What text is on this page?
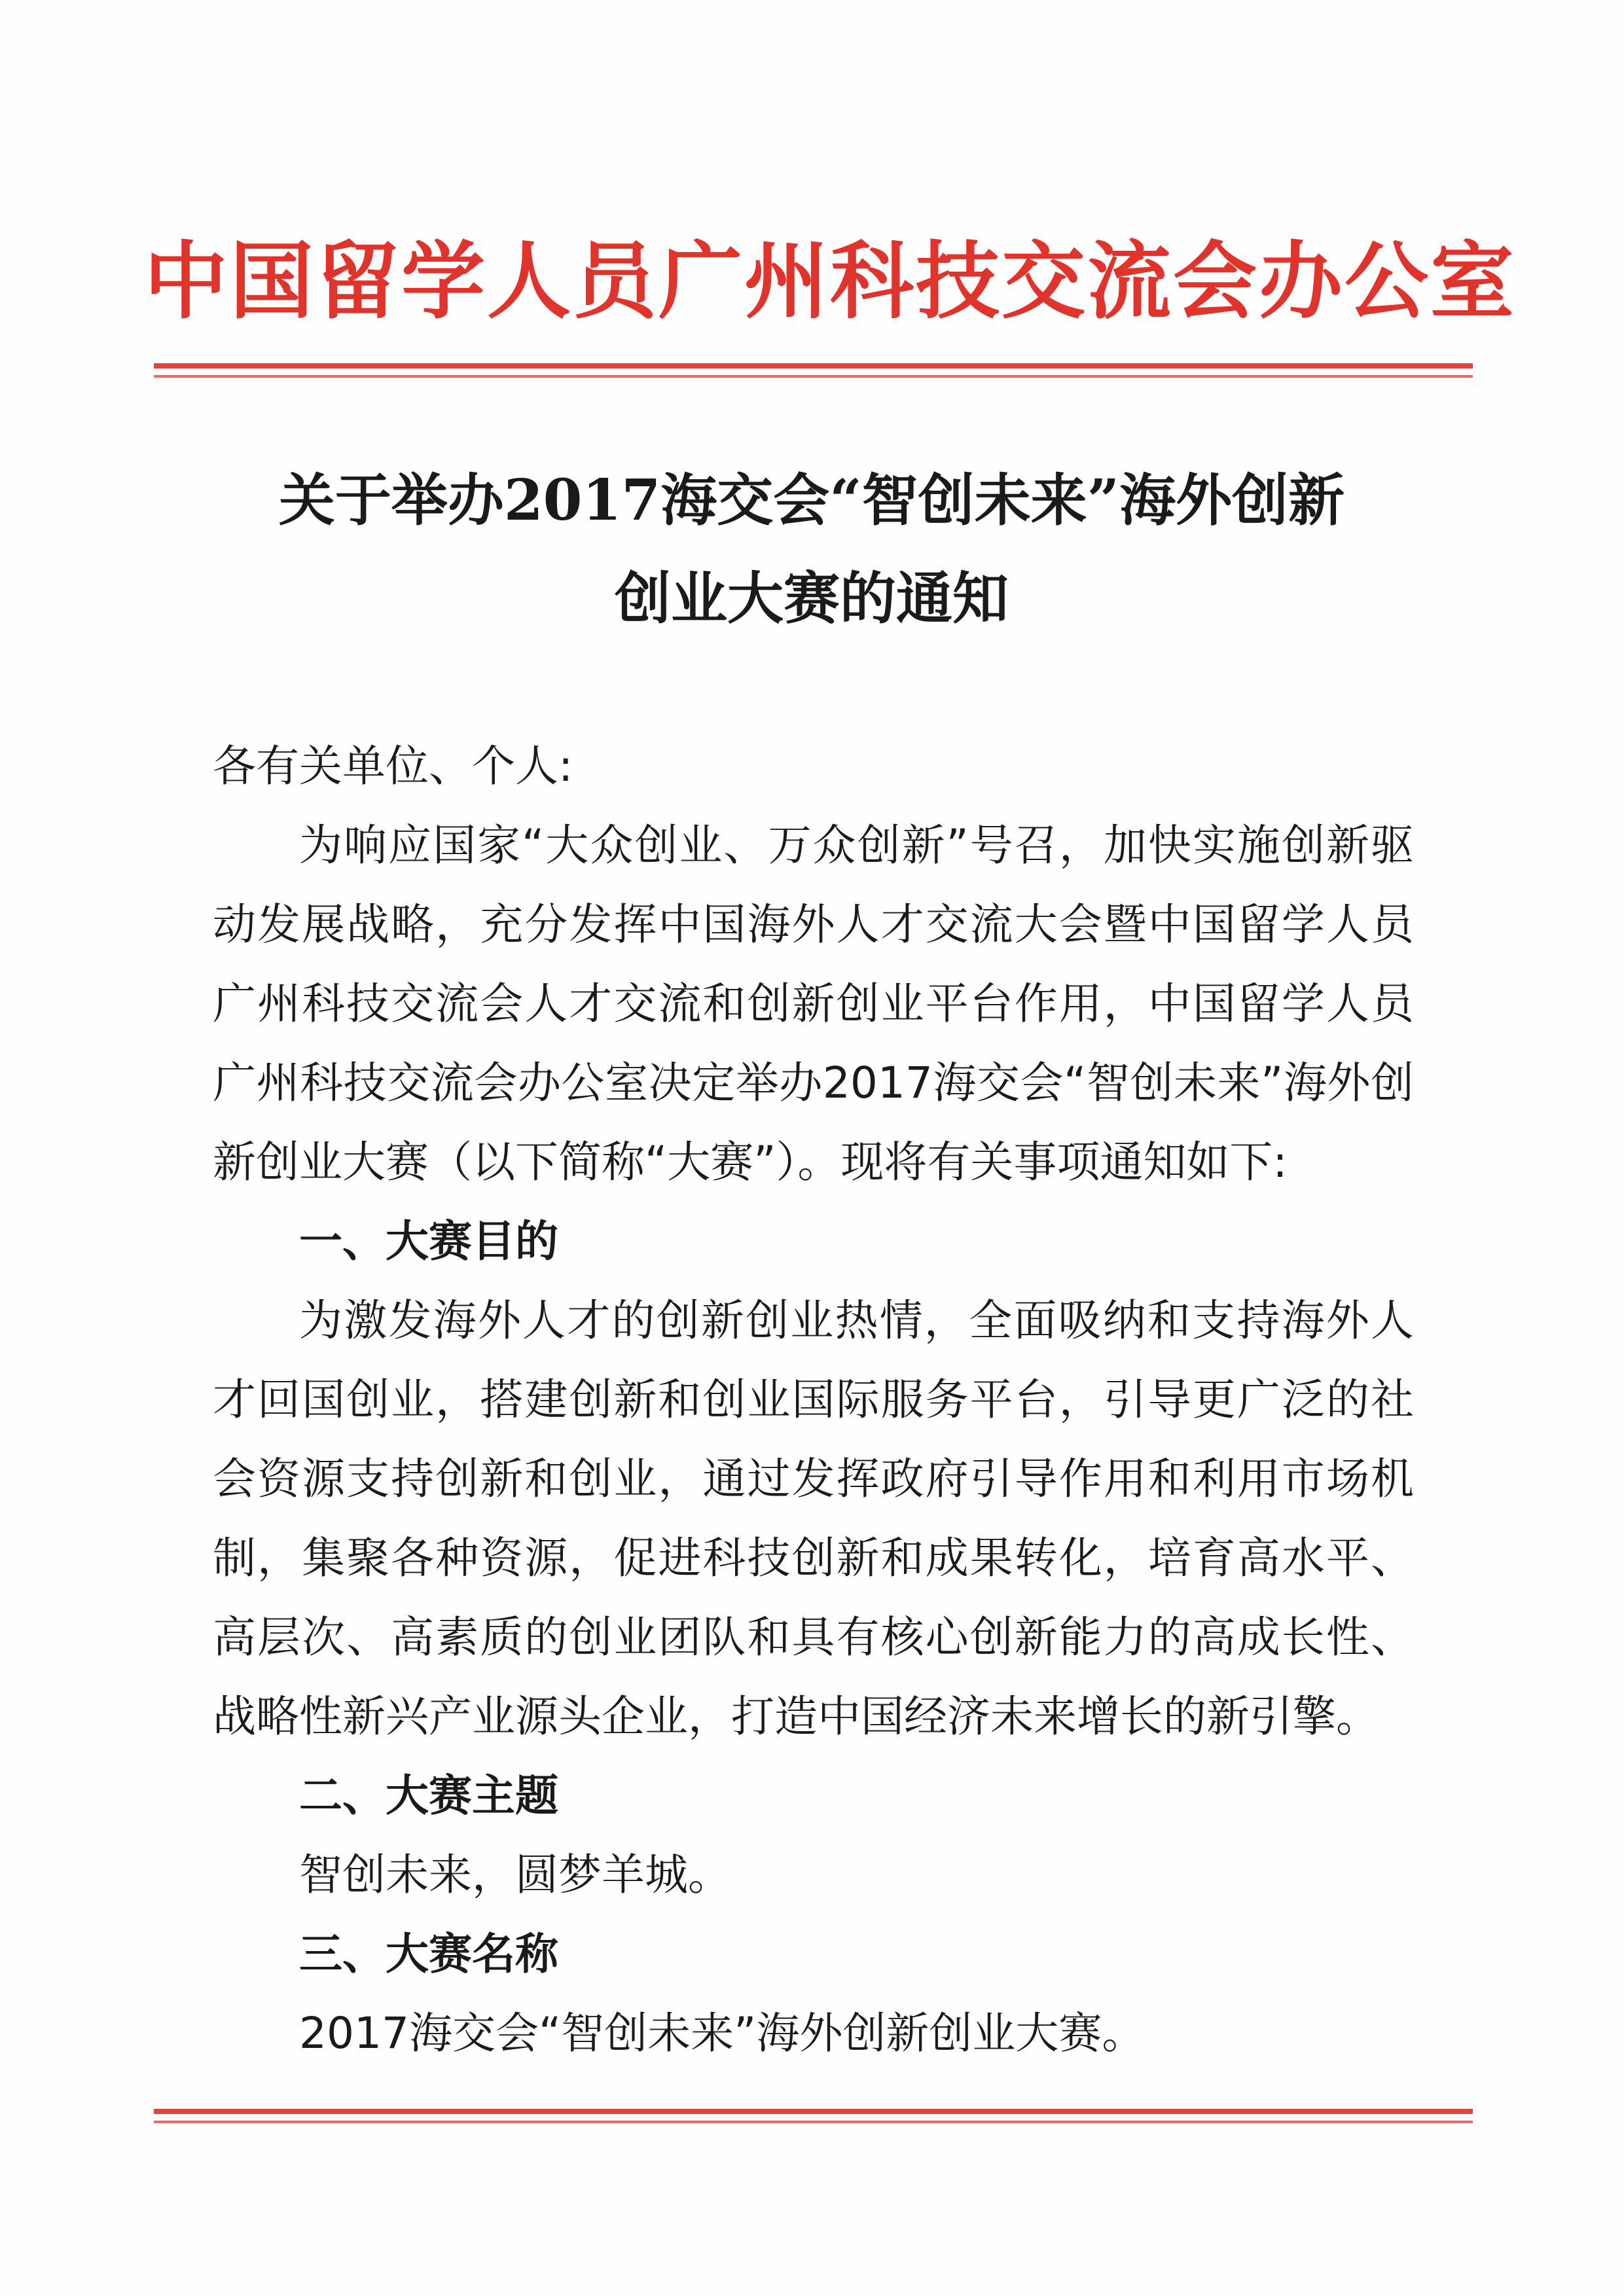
中国留学人员广州科技交流会办公室
关于举办2017海交会“智创未来”海外创新
创业大赛的通知

各有关单位、个人:

为响应国家“大众创业、万众创新”号召，加快实施创新驱动发展战略，充分发挥中国海外人才交流大会暨中国留学人员广州科技交流会人才交流和创新创业平台作用，中国留学人员广州科技交流会办公室决定举办2017海交会“智创未来”海外创新创业大赛（以下简称“大赛”）。现将有关事项通知如下:

一、大赛目的

为激发海外人才的创新创业热情，全面吸纳和支持海外人才回国创业，搭建创新和创业国际服务平台，引导更广泛的社会资源支持创新和创业，通过发挥政府引导作用和利用市场机制，集聚各种资源，促进科技创新和成果转化，培育高水平、高层次、高素质的创业团队和具有核心创新能力的高成长性、战略性新兴产业源头企业，打造中国经济未来增长的新引擎。

二、大赛主题

智创未来，圆梦羊城。

三、大赛名称

2017海交会“智创未来”海外创新创业大赛。
